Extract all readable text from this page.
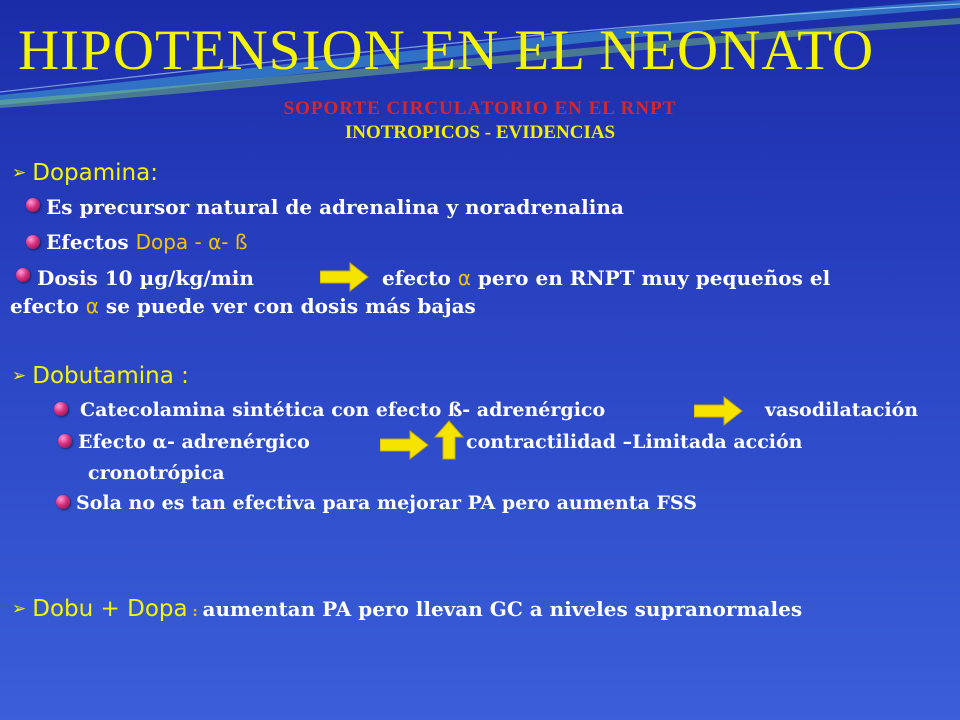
HIPOTENSION EN EL NEONATO
SOPORTE CIRCULATORIO EN EL RNPT
INOTROPICOS - EVIDENCIAS
➢ Dopamina:
Es precursor natural de adrenalina y noradrenalina
Efectos Dopa - α- ß
Dosis 10 µg/kg/min	efecto α pero en RNPT muy pequeños el
efecto α se puede ver con dosis más bajas
➢ Dobutamina :
Catecolamina sintética con efecto ß- adrenérgico	vasodilatación
Efecto α- adrenérgico	contractilidad –Limitada acción
cronotrópica
Sola no es tan efectiva para mejorar PA pero aumenta FSS
➢ Dobu + Dopa : aumentan PA pero llevan GC a niveles supranormales
